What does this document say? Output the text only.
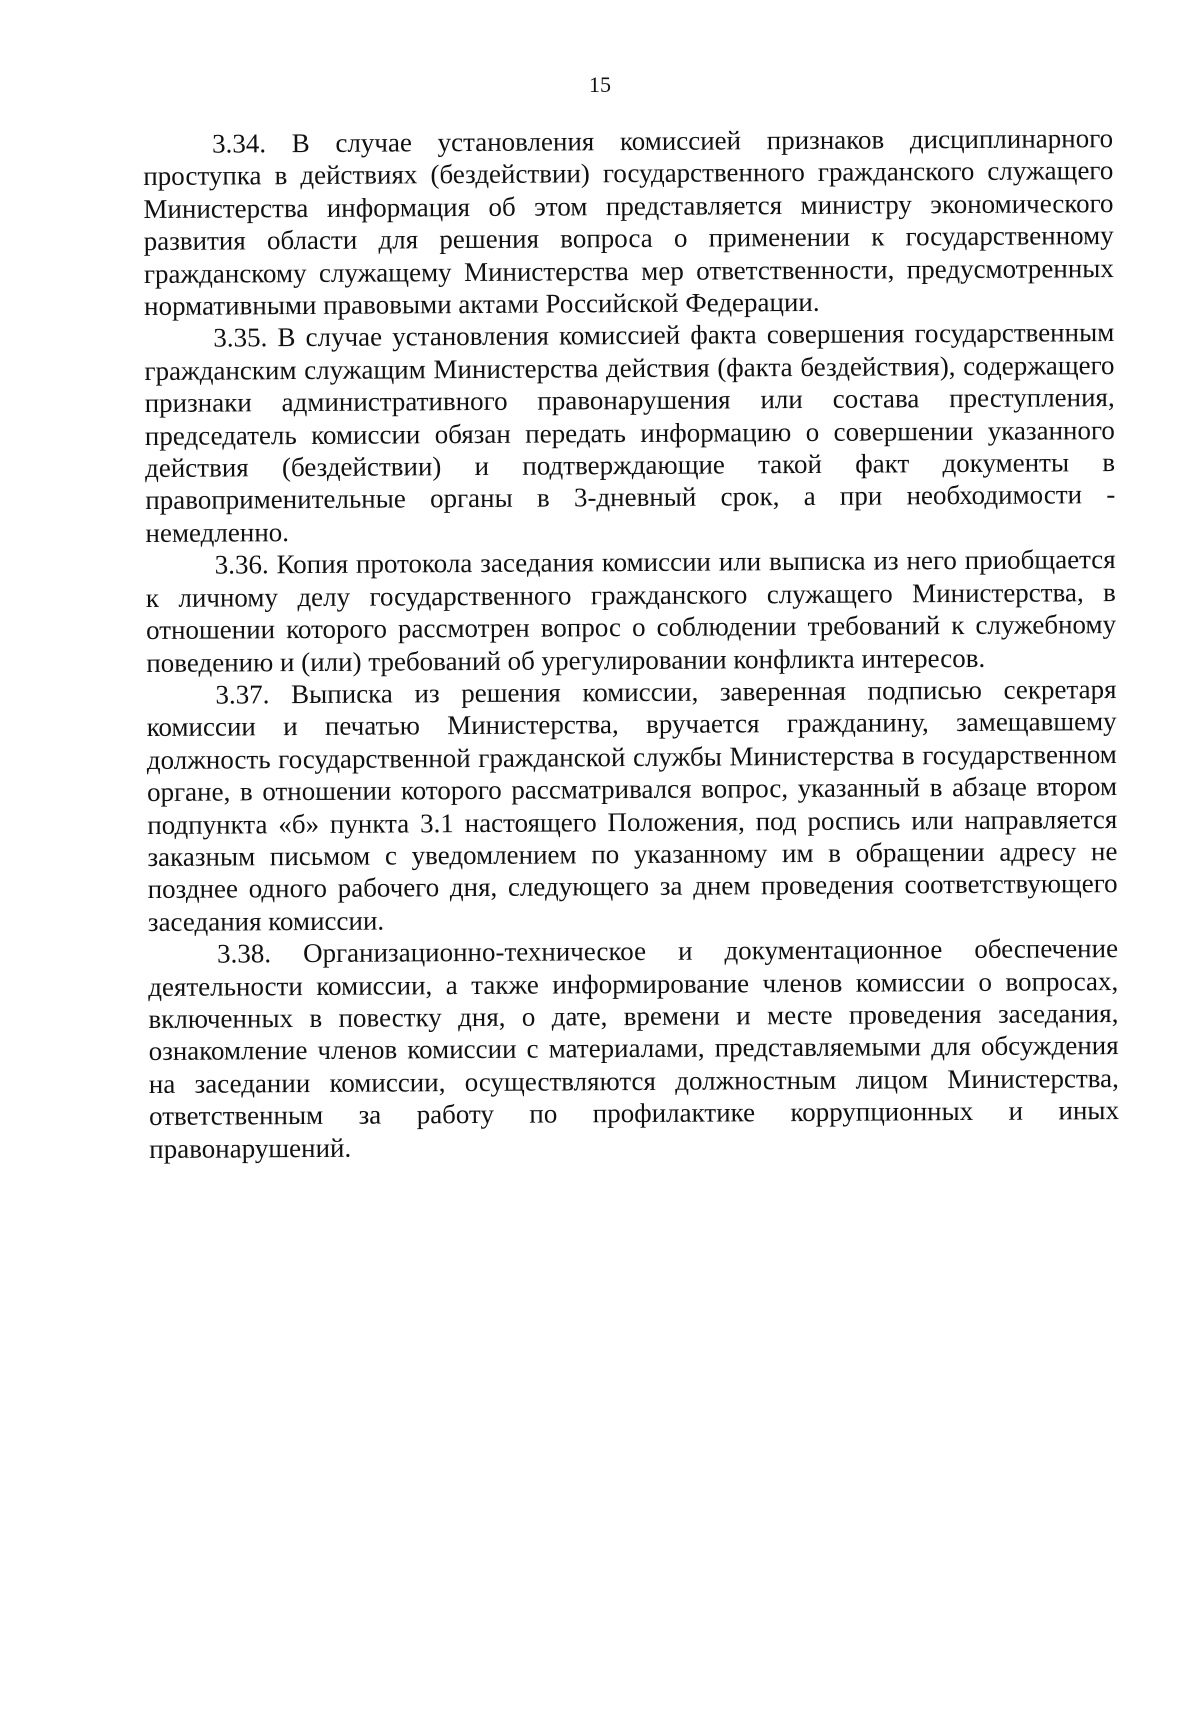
15

3.34. В случае установления комиссией признаков дисциплинарного проступка в действиях (бездействии) государственного гражданского служащего Министерства информация об этом представляется министру экономического развития области для решения вопроса о применении к государственному гражданскому служащему Министерства мер ответственности, предусмотренных нормативными правовыми актами Российской Федерации.

3.35. В случае установления комиссией факта совершения государственным гражданским служащим Министерства действия (факта бездействия), содержащего признаки административного правонарушения или состава преступления, председатель комиссии обязан передать информацию о совершении указанного действия (бездействии) и подтверждающие такой факт документы в правоприменительные органы в 3-дневный срок, а при необходимости - немедленно.

3.36. Копия протокола заседания комиссии или выписка из него приобщается к личному делу государственного гражданского служащего Министерства, в отношении которого рассмотрен вопрос о соблюдении требований к служебному поведению и (или) требований об урегулировании конфликта интересов.

3.37. Выписка из решения комиссии, заверенная подписью секретаря комиссии и печатью Министерства, вручается гражданину, замещавшему должность государственной гражданской службы Министерства в государственном органе, в отношении которого рассматривался вопрос, указанный в абзаце втором подпункта «б» пункта 3.1 настоящего Положения, под роспись или направляется заказным письмом с уведомлением по указанному им в обращении адресу не позднее одного рабочего дня, следующего за днем проведения соответствующего заседания комиссии.

3.38. Организационно-техническое и документационное обеспечение деятельности комиссии, а также информирование членов комиссии о вопросах, включенных в повестку дня, о дате, времени и месте проведения заседания, ознакомление членов комиссии с материалами, представляемыми для обсуждения на заседании комиссии, осуществляются должностным лицом Министерства, ответственным за работу по профилактике коррупционных и иных правонарушений.
